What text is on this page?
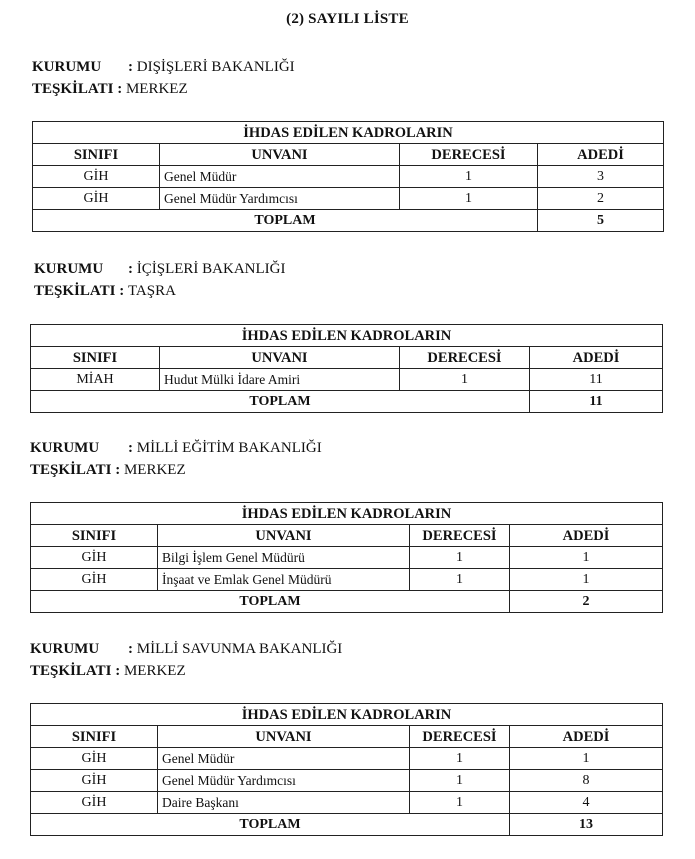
(2) SAYILI LİSTE
KURUMU : DIŞİŞLERİ BAKANLIĞI
TEŞKİLATI : MERKEZ
İHDAS EDİLEN KADROLARIN			
SINIFI	UNVANI	DERECESİ	ADEDİ
GİH	Genel Müdür	1	3
GİH	Genel Müdür Yardımcısı	1	2
TOPLAM			5
KURUMU : İÇİŞLERİ BAKANLIĞI
TEŞKİLATI : TAŞRA
İHDAS EDİLEN KADROLARIN			
SINIFI	UNVANI	DERECESİ	ADEDİ
MİAH	Hudut Mülki İdare Amiri	1	11
TOPLAM			11
KURUMU : MİLLİ EĞİTİM BAKANLIĞI
TEŞKİLATI : MERKEZ
İHDAS EDİLEN KADROLARIN			
SINIFI	UNVANI	DERECESİ	ADEDİ
GİH	Bilgi İşlem Genel Müdürü	1	1
GİH	İnşaat ve Emlak Genel Müdürü	1	1
TOPLAM			2
KURUMU : MİLLİ SAVUNMA BAKANLIĞI
TEŞKİLATI : MERKEZ
İHDAS EDİLEN KADROLARIN			
SINIFI	UNVANI	DERECESİ	ADEDİ
GİH	Genel Müdür	1	1
GİH	Genel Müdür Yardımcısı	1	8
GİH	Daire Başkanı	1	4
TOPLAM			13
